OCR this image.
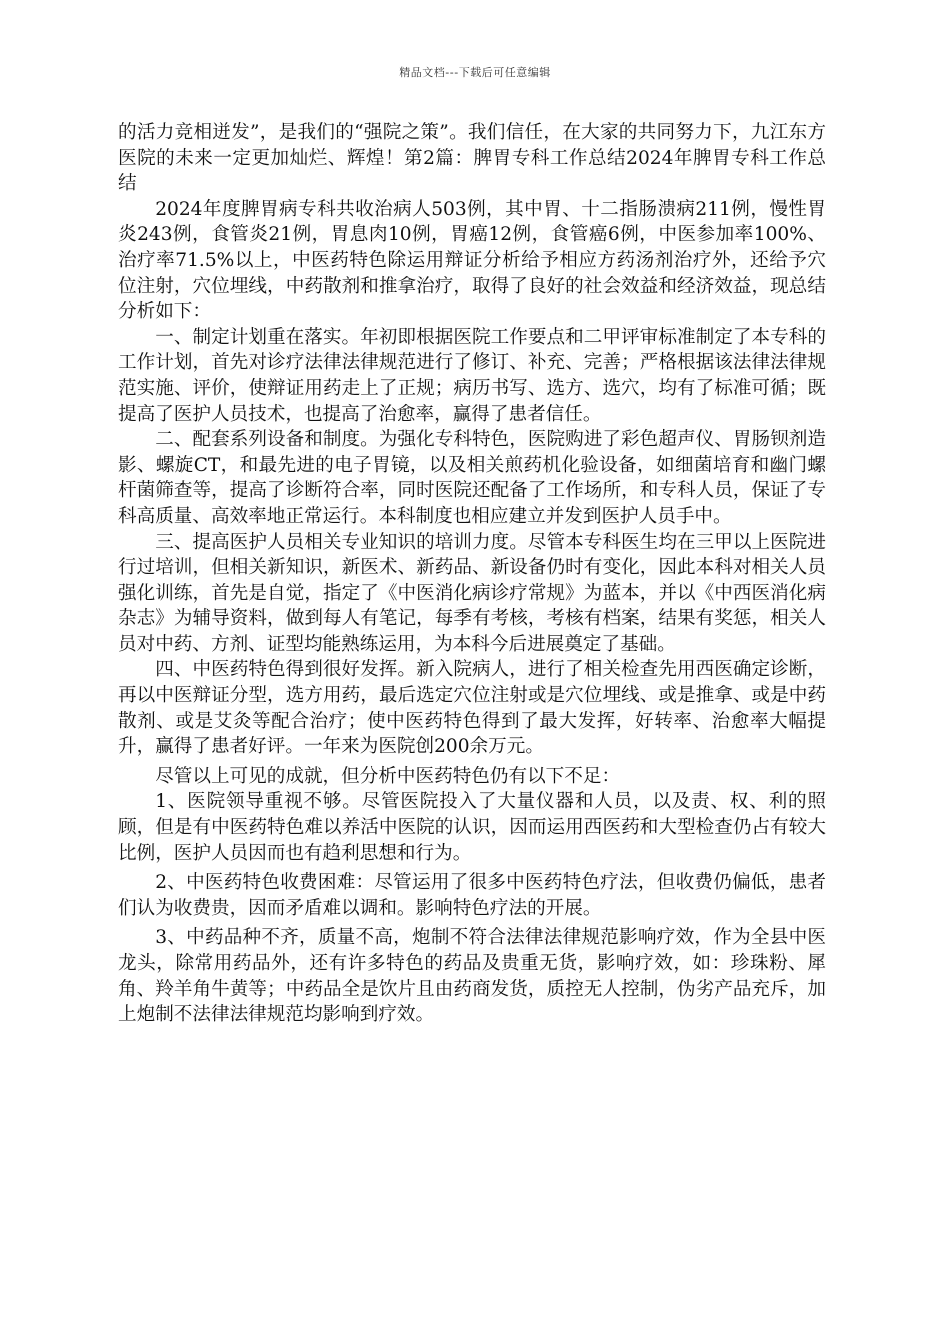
精品文档---下载后可任意编辑

的活力竞相迸发”，是我们的“强院之策”。我们信任，在大家的共同努力下，九江东方医院的未来一定更加灿烂、辉煌！第2篇：脾胃专科工作总结2024年脾胃专科工作总结

2024年度脾胃病专科共收治病人503例，其中胃、十二指肠溃病211例，慢性胃炎243例，食管炎21例，胃息肉10例，胃癌12例，食管癌6例，中医参加率100%、治疗率71.5%以上，中医药特色除运用辩证分析给予相应方药汤剂治疗外，还给予穴位注射，穴位埋线，中药散剂和推拿治疗，取得了良好的社会效益和经济效益，现总结分析如下：

一、制定计划重在落实。年初即根据医院工作要点和二甲评审标准制定了本专科的工作计划，首先对诊疗法律法律规范进行了修订、补充、完善；严格根据该法律法律规范实施、评价，使辩证用药走上了正规；病历书写、选方、选穴，均有了标准可循；既提高了医护人员技术，也提高了治愈率，赢得了患者信任。

二、配套系列设备和制度。为强化专科特色，医院购进了彩色超声仪、胃肠钡剂造影、螺旋CT，和最先进的电子胃镜，以及相关煎药机化验设备，如细菌培育和幽门螺杆菌筛查等，提高了诊断符合率，同时医院还配备了工作场所，和专科人员，保证了专科高质量、高效率地正常运行。本科制度也相应建立并发到医护人员手中。

三、提高医护人员相关专业知识的培训力度。尽管本专科医生均在三甲以上医院进行过培训，但相关新知识，新医术、新药品、新设备仍时有变化，因此本科对相关人员强化训练，首先是自觉，指定了《中医消化病诊疗常规》为蓝本，并以《中西医消化病杂志》为辅导资料，做到每人有笔记，每季有考核，考核有档案，结果有奖惩，相关人员对中药、方剂、证型均能熟练运用，为本科今后进展奠定了基础。

四、中医药特色得到很好发挥。新入院病人，进行了相关检查先用西医确定诊断，再以中医辩证分型，选方用药，最后选定穴位注射或是穴位埋线、或是推拿、或是中药散剂、或是艾灸等配合治疗；使中医药特色得到了最大发挥，好转率、治愈率大幅提升，赢得了患者好评。一年来为医院创200余万元。

尽管以上可见的成就，但分析中医药特色仍有以下不足：

1、医院领导重视不够。尽管医院投入了大量仪器和人员，以及责、权、利的照顾，但是有中医药特色难以养活中医院的认识，因而运用西医药和大型检查仍占有较大比例，医护人员因而也有趋利思想和行为。

2、中医药特色收费困难：尽管运用了很多中医药特色疗法，但收费仍偏低，患者们认为收费贵，因而矛盾难以调和。影响特色疗法的开展。

3、中药品种不齐，质量不高，炮制不符合法律法律规范影响疗效，作为全县中医龙头，除常用药品外，还有许多特色的药品及贵重无货，影响疗效，如：珍珠粉、犀角、羚羊角牛黄等；中药品全是饮片且由药商发货，质控无人控制，伪劣产品充斥，加上炮制不法律法律规范均影响到疗效。
